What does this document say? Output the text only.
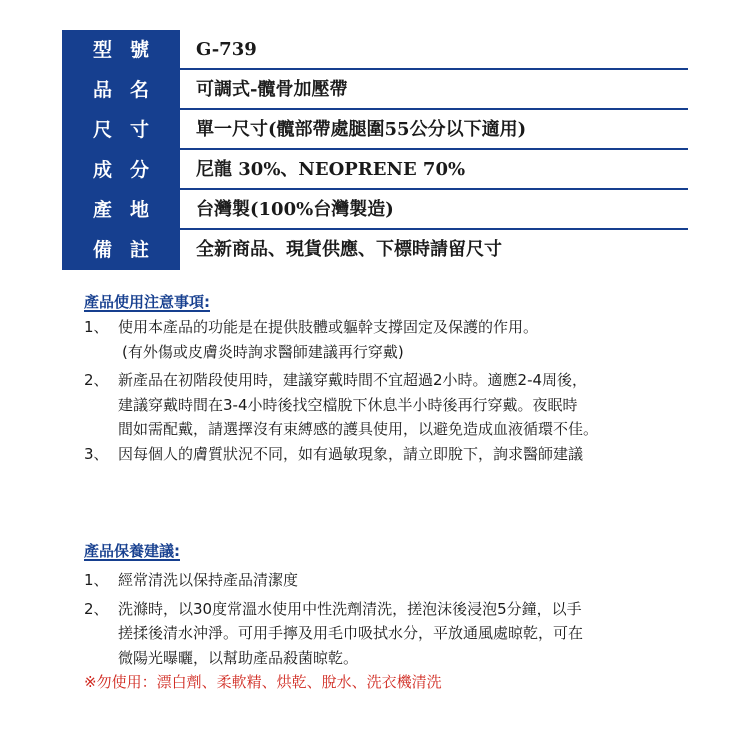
型號	G-739
品名	可調式-髖骨加壓帶
尺寸	單一尺寸(髖部帶處腿圍55公分以下適用)
成分	尼龍 30%、NEOPRENE 70%
產地	台灣製(100%台灣製造)
備註	全新商品、現貨供應、下標時請留尺寸
產品使用注意事項:
1、 使用本產品的功能是在提供肢體或軀幹支撐固定及保護的作用。
(有外傷或皮膚炎時詢求醫師建議再行穿戴)
2、 新產品在初階段使用時，建議穿戴時間不宜超過2小時。適應2-4周後，
建議穿戴時間在3-4小時後找空檔脫下休息半小時後再行穿戴。夜眠時
間如需配戴，請選擇沒有束縛感的護具使用，以避免造成血液循環不佳。
3、 因每個人的膚質狀況不同，如有過敏現象，請立即脫下，詢求醫師建議
產品保養建議:
1、 經常清洗以保持產品清潔度
2、 洗滌時，以30度常溫水使用中性洗劑清洗，搓泡沫後浸泡5分鐘，以手
搓揉後清水沖淨。可用手擰及用毛巾吸拭水分，平放通風處晾乾，可在
微陽光曝曬，以幫助產品殺菌晾乾。
※勿使用：漂白劑、柔軟精、烘乾、脫水、洗衣機清洗
